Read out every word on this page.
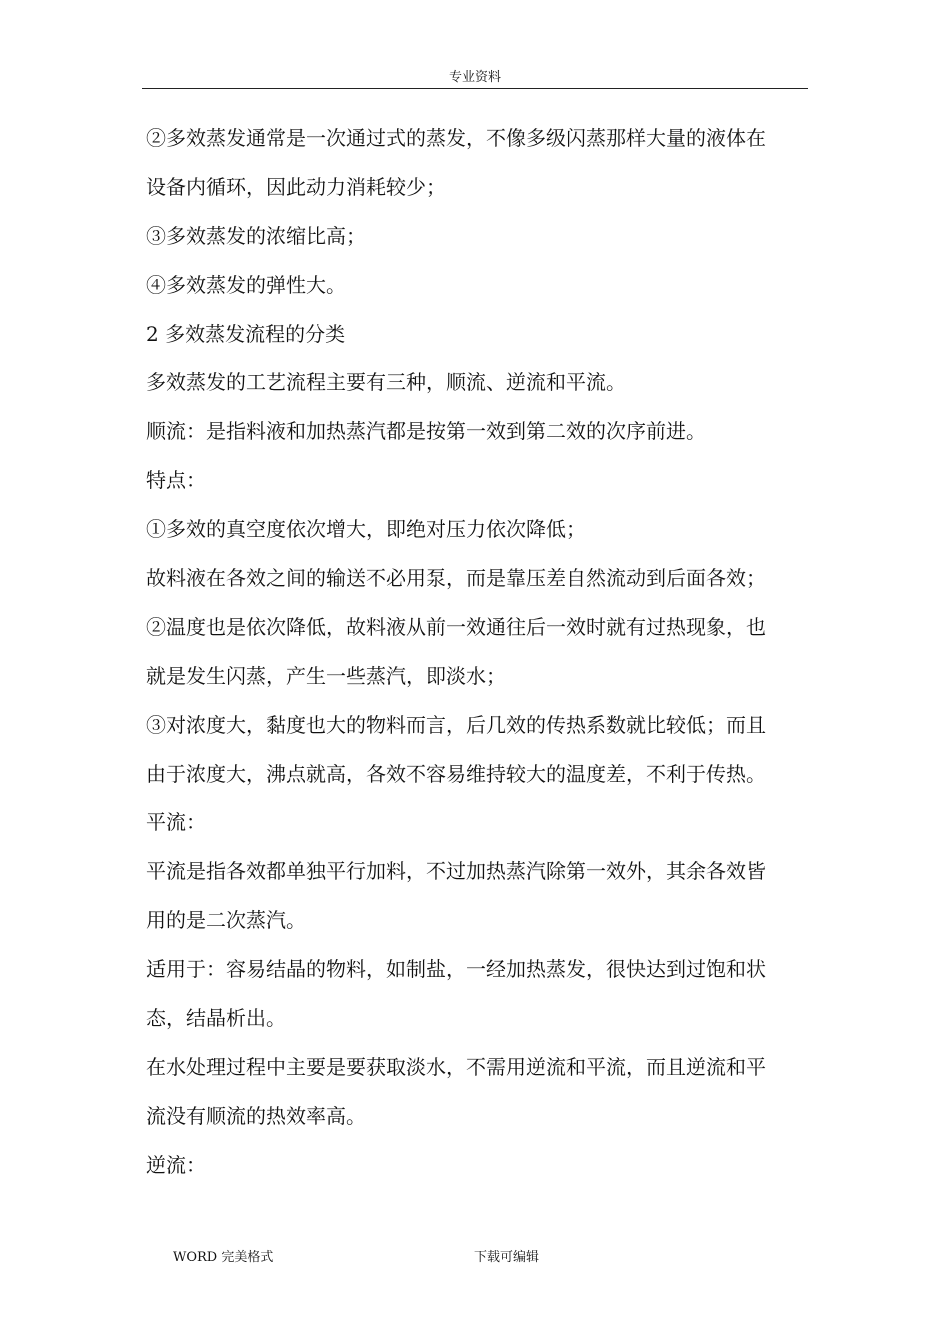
专业资料
②多效蒸发通常是一次通过式的蒸发，不像多级闪蒸那样大量的液体在
设备内循环，因此动力消耗较少；
③多效蒸发的浓缩比高；
④多效蒸发的弹性大。
2 多效蒸发流程的分类
多效蒸发的工艺流程主要有三种，顺流、逆流和平流。
顺流：是指料液和加热蒸汽都是按第一效到第二效的次序前进。
特点：
①多效的真空度依次增大，即绝对压力依次降低；
故料液在各效之间的输送不必用泵，而是靠压差自然流动到后面各效；
②温度也是依次降低，故料液从前一效通往后一效时就有过热现象，也
就是发生闪蒸，产生一些蒸汽，即淡水；
③对浓度大，黏度也大的物料而言，后几效的传热系数就比较低；而且
由于浓度大，沸点就高，各效不容易维持较大的温度差，不利于传热。
平流：
平流是指各效都单独平行加料，不过加热蒸汽除第一效外，其余各效皆
用的是二次蒸汽。
适用于：容易结晶的物料，如制盐，一经加热蒸发，很快达到过饱和状
态，结晶析出。
在水处理过程中主要是要获取淡水，不需用逆流和平流，而且逆流和平
流没有顺流的热效率高。
逆流：
WORD 完美格式	下载可编辑
